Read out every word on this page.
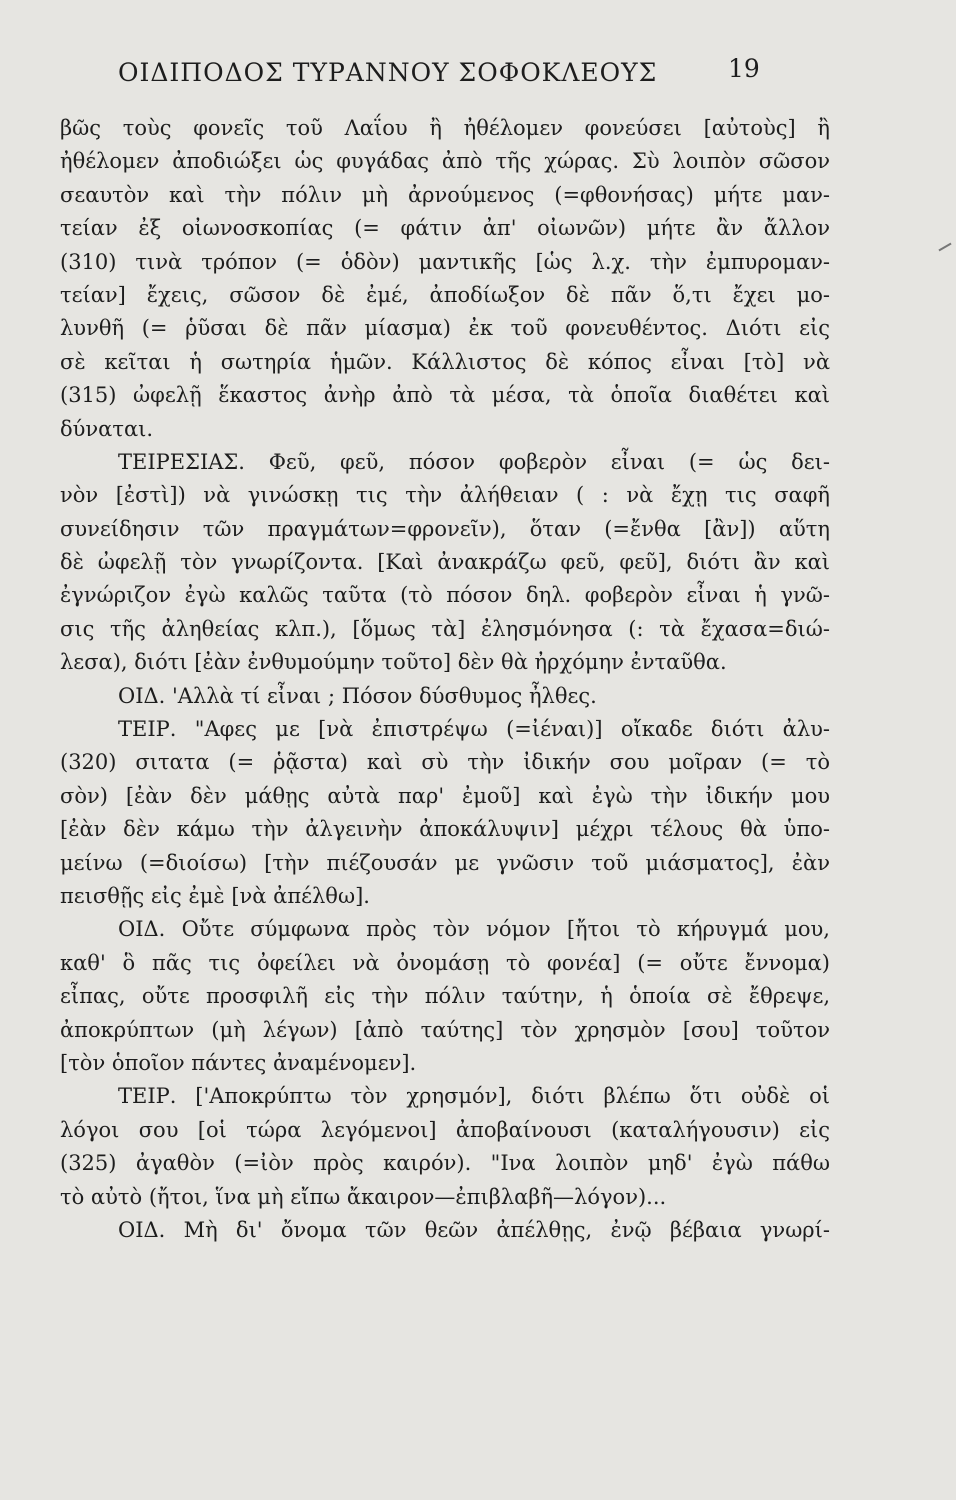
ΟΙΔΙΠΟΔΟΣ ΤΥΡΑΝΝΟΥ ΣΟΦΟΚΛΕΟΥΣ	19
βῶς τοὺς φονεῖς τοῦ Λαΐου ἢ ἠθέλομεν φονεύσει [αὐτοὺς] ἢ
ἠθέλομεν ἀποδιώξει ὡς φυγάδας ἀπὸ τῆς χώρας. Σὺ λοιπὸν σῶσον
σεαυτὸν καὶ τὴν πόλιν μὴ ἀρνούμενος (=φθονήσας) μήτε μαν-
τείαν ἐξ οἰωνοσκοπίας (= φάτιν ἀπ' οἰωνῶν) μήτε ἂν ἄλλον
(310) τινὰ τρόπον (= ὁδὸν) μαντικῆς [ὡς λ.χ. τὴν ἐμπυρομαν-
τείαν] ἔχεις, σῶσον δὲ ἐμέ, ἀποδίωξον δὲ πᾶν ὅ,τι ἔχει μο-
λυνθῆ (= ῥῦσαι δὲ πᾶν μίασμα) ἐκ τοῦ φονευθέντος. Διότι εἰς
σὲ κεῖται ἡ σωτηρία ἡμῶν. Κάλλιστος δὲ κόπος εἶναι [τὸ] νὰ
(315) ὠφελῇ ἕκαστος ἀνὴρ ἀπὸ τὰ μέσα, τὰ ὁποῖα διαθέτει καὶ
δύναται.
ΤΕΙΡΕΣΙΑΣ. Φεῦ, φεῦ, πόσον φοβερὸν εἶναι (= ὡς δει-
νὸν [ἐστὶ]) νὰ γινώσκῃ τις τὴν ἀλήθειαν ( : νὰ ἔχῃ τις σαφῆ
συνείδησιν τῶν πραγμάτων=φρονεῖν), ὅταν (=ἔνθα [ἂν]) αὕτη
δὲ ὠφελῇ τὸν γνωρίζοντα. [Καὶ ἀνακράζω φεῦ, φεῦ], διότι ἂν καὶ
ἐγνώριζον ἐγὼ καλῶς ταῦτα (τὸ πόσον δηλ. φοβερὸν εἶναι ἡ γνῶ-
σις τῆς ἀληθείας κλπ.), [ὅμως τὰ] ἐλησμόνησα (: τὰ ἔχασα=διώ-
λεσα), διότι [ἐὰν ἐνθυμούμην τοῦτο] δὲν θὰ ἠρχόμην ἐνταῦθα.
ΟΙΔ. 'Αλλὰ τί εἶναι ; Πόσον δύσθυμος ἦλθες.
ΤΕΙΡ. "Αφες με [νὰ ἐπιστρέψω (=ἰέναι)] οἴκαδε διότι ἀλυ-
(320) σιτατα (= ῥᾷστα) καὶ σὺ τὴν ἰδικήν σου μοῖραν (= τὸ
σὸν) [ἐὰν δὲν μάθῃς αὐτὰ παρ' ἐμοῦ] καὶ ἐγὼ τὴν ἰδικήν μου
[ἐὰν δὲν κάμω τὴν ἀλγεινὴν ἀποκάλυψιν] μέχρι τέλους θὰ ὑπο-
μείνω (=διοίσω) [τὴν πιέζουσάν με γνῶσιν τοῦ μιάσματος], ἐὰν
πεισθῇς εἰς ἐμὲ [νὰ ἀπέλθω].
ΟΙΔ. Οὔτε σύμφωνα πρὸς τὸν νόμον [ἤτοι τὸ κήρυγμά μου,
καθ' ὃ πᾶς τις ὀφείλει νὰ ὀνομάσῃ τὸ φονέα] (= οὔτε ἔννομα)
εἶπας, οὔτε προσφιλῆ εἰς τὴν πόλιν ταύτην, ἡ ὁποία σὲ ἔθρεψε,
ἀποκρύπτων (μὴ λέγων) [ἀπὸ ταύτης] τὸν χρησμὸν [σου] τοῦτον
[τὸν ὁποῖον πάντες ἀναμένομεν].
ΤΕΙΡ. ['Αποκρύπτω τὸν χρησμόν], διότι βλέπω ὅτι οὐδὲ οἱ
λόγοι σου [οἱ τώρα λεγόμενοι] ἀποβαίνουσι (καταλήγουσιν) εἰς
(325) ἀγαθὸν (=ἰὸν πρὸς καιρόν). "Ινα λοιπὸν μηδ' ἐγὼ πάθω
τὸ αὐτὸ (ἤτοι, ἵνα μὴ εἴπω ἄκαιρον—ἐπιβλαβῆ—λόγον)...
ΟΙΔ. Μὴ δι' ὄνομα τῶν θεῶν ἀπέλθῃς, ἐνῷ βέβαια γνωρί-
